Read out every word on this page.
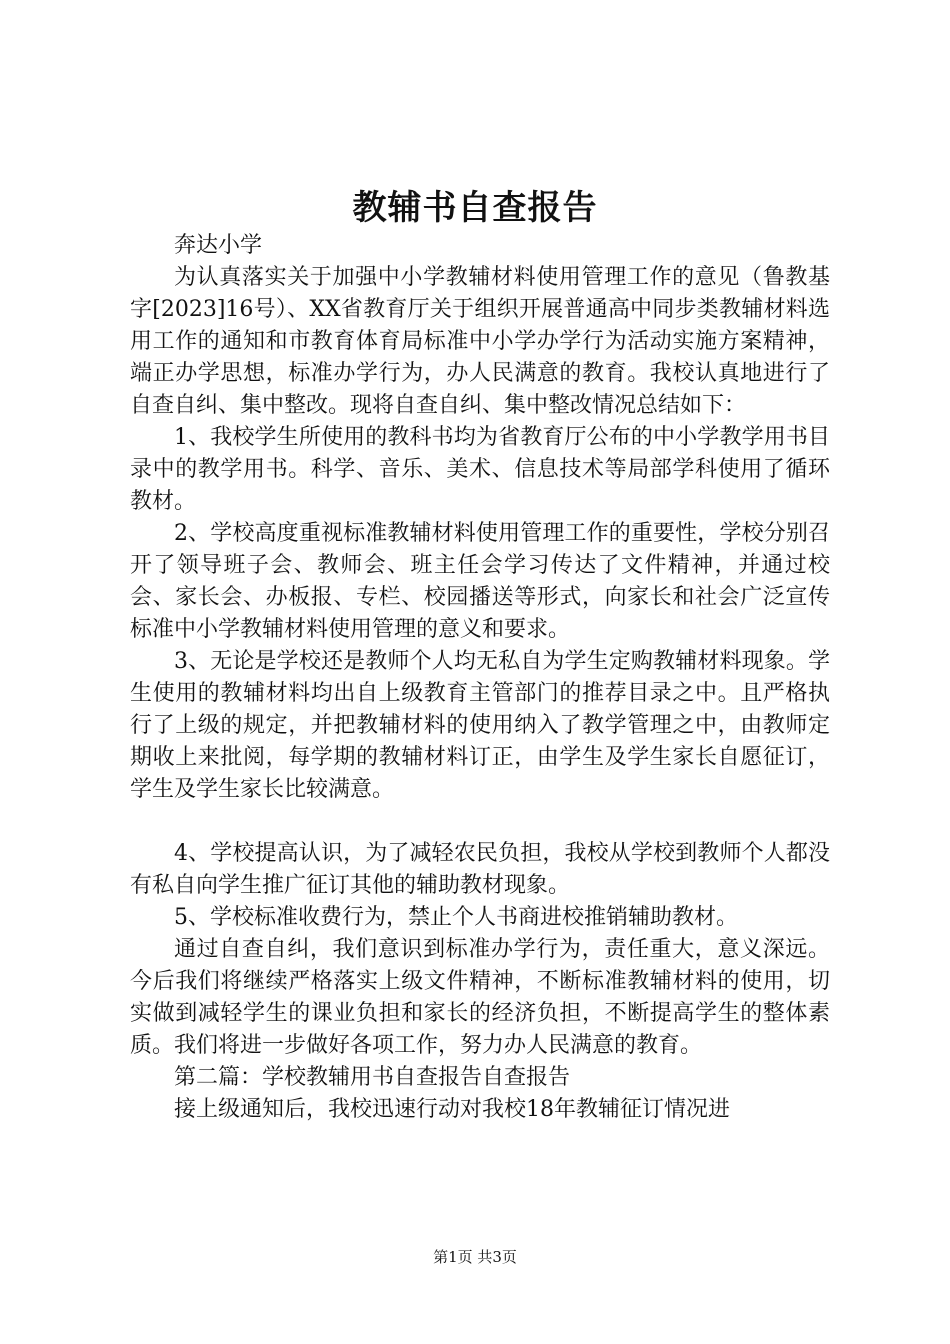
教辅书自查报告

奔达小学

为认真落实关于加强中小学教辅材料使用管理工作的意见（鲁教基字[2023]16号）、XX省教育厅关于组织开展普通高中同步类教辅材料选用工作的通知和市教育体育局标准中小学办学行为活动实施方案精神，端正办学思想，标准办学行为，办人民满意的教育。我校认真地进行了自查自纠、集中整改。现将自查自纠、集中整改情况总结如下：

1、我校学生所使用的教科书均为省教育厅公布的中小学教学用书目录中的教学用书。科学、音乐、美术、信息技术等局部学科使用了循环教材。

2、学校高度重视标准教辅材料使用管理工作的重要性，学校分别召开了领导班子会、教师会、班主任会学习传达了文件精神，并通过校会、家长会、办板报、专栏、校园播送等形式，向家长和社会广泛宣传标准中小学教辅材料使用管理的意义和要求。

3、无论是学校还是教师个人均无私自为学生定购教辅材料现象。学生使用的教辅材料均出自上级教育主管部门的推荐目录之中。且严格执行了上级的规定，并把教辅材料的使用纳入了教学管理之中，由教师定期收上来批阅，每学期的教辅材料订正，由学生及学生家长自愿征订，学生及学生家长比较满意。

4、学校提高认识，为了减轻农民负担，我校从学校到教师个人都没有私自向学生推广征订其他的辅助教材现象。

5、学校标准收费行为，禁止个人书商进校推销辅助教材。

通过自查自纠，我们意识到标准办学行为，责任重大，意义深远。今后我们将继续严格落实上级文件精神，不断标准教辅材料的使用，切实做到减轻学生的课业负担和家长的经济负担，不断提高学生的整体素质。我们将进一步做好各项工作，努力办人民满意的教育。

第二篇：学校教辅用书自查报告自查报告

接上级通知后，我校迅速行动对我校18年教辅征订情况进

第1页 共3页
